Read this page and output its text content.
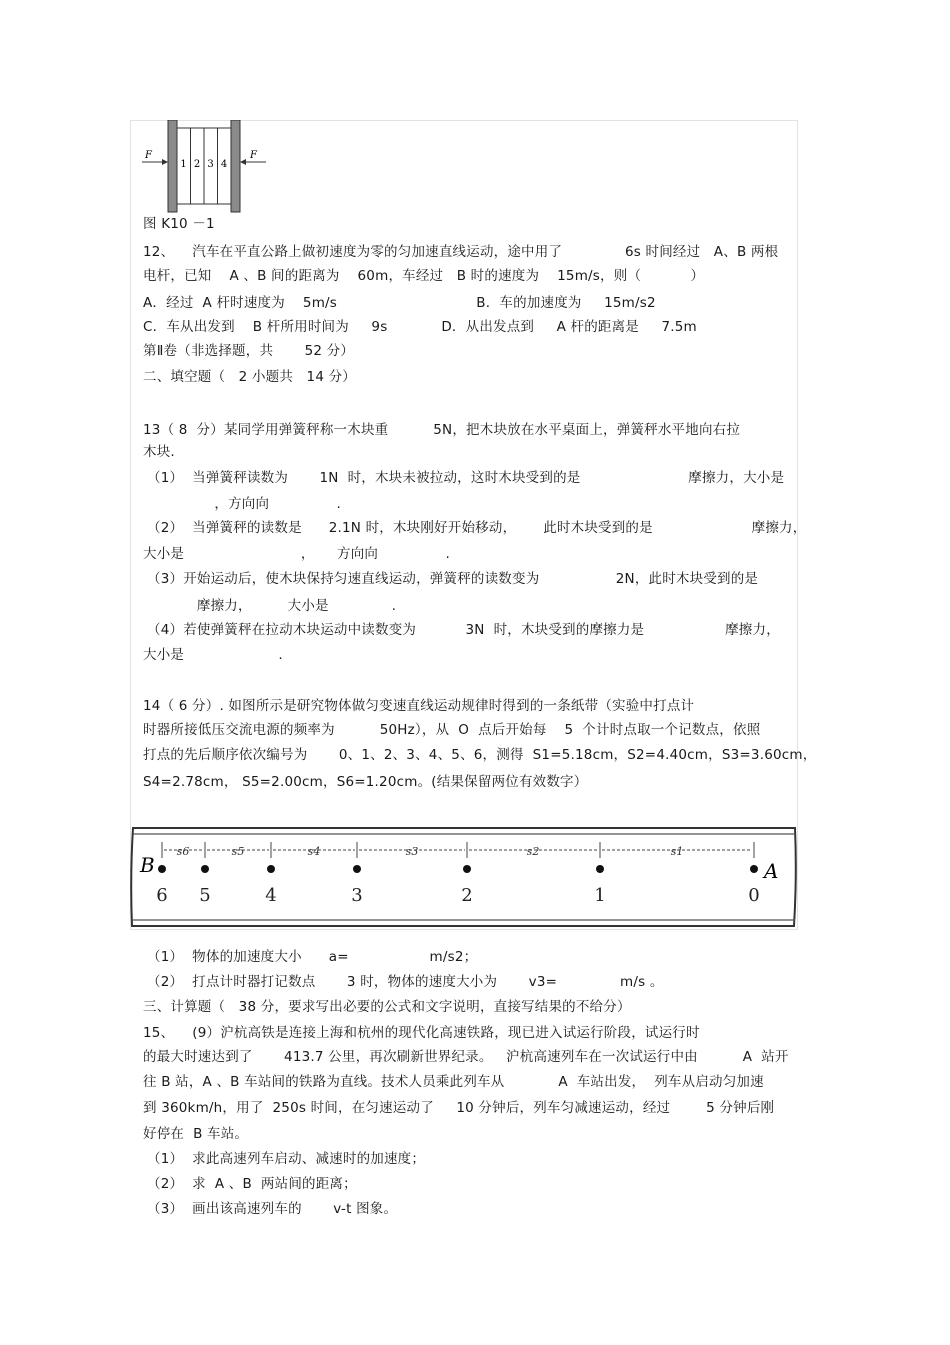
1 2 3 4
F	F
图 K10 －1
12、    汽车在平直公路上做初速度为零的匀加速直线运动，途中用了              6s 时间经过   A、B 两根
电杆，已知    A 、B 间的距离为    60m，车经过   B 时的速度为    15m/s，则（           ）
A．经过  A 杆时速度为    5m/s                               B．车的加速度为     15m/s2
C．车从出发到    B 杆所用时间为     9s            D．从出发点到     A 杆的距离是     7.5m
第Ⅱ卷（非选择题，共       52 分）
二、填空题（   2 小题共   14 分）
13（ 8  分）某同学用弹簧秤称一木块重          5N，把木块放在水平桌面上，弹簧秤水平地向右拉
木块.
（1）  当弹簧秤读数为       1N  时，木块未被拉动，这时木块受到的是                        摩擦力，大小是
，方向向               .
（2）  当弹簧秤的读数是      2.1N 时，木块刚好开始移动，      此时木块受到的是                      摩擦力，
大小是                          ，     方向向               .
（3）开始运动后，使木块保持匀速直线运动，弹簧秤的读数变为                 2N，此时木块受到的是
摩擦力，        大小是              .
（4）若使弹簧秤在拉动木块运动中读数变为           3N  时，木块受到的摩擦力是                  摩擦力，
大小是                     .
14（ 6 分）. 如图所示是研究物体做匀变速直线运动规律时得到的一条纸带（实验中打点计
时器所接低压交流电源的频率为          50Hz），从  O  点后开始每    5  个计时点取一个记数点，依照
打点的先后顺序依次编号为       0、1、2、3、4、5、6，测得  S1=5.18cm，S2=4.40cm，S3=3.60cm，
S4=2.78cm， S5=2.00cm，S6=1.20cm。(结果保留两位有效数字）
B	A
s6	s5	s4	s3	s2	s1
6 5	4	3	2	1	0
（1）  物体的加速度大小      a=                  m/s2；
（2）  打点计时器打记数点       3 时，物体的速度大小为       v3=              m/s 。
三、计算题（   38 分，要求写出必要的公式和文字说明，直接写结果的不给分）
15、    (9）沪杭高铁是连接上海和杭州的现代化高速铁路，现已进入试运行阶段，试运行时
的最大时速达到了       413.7 公里，再次刷新世界纪录。   沪杭高速列车在一次试运行中由          A  站开
往 B 站，A 、B 车站间的铁路为直线。技术人员乘此列车从            A  车站出发，  列车从启动匀加速
到 360km/h，用了  250s 时间，在匀速运动了     10 分钟后，列车匀减速运动，经过        5 分钟后刚
好停在  B 车站。
（1）  求此高速列车启动、减速时的加速度；
（2）  求  A 、B  两站间的距离；
（3）  画出该高速列车的       v-t 图象。
